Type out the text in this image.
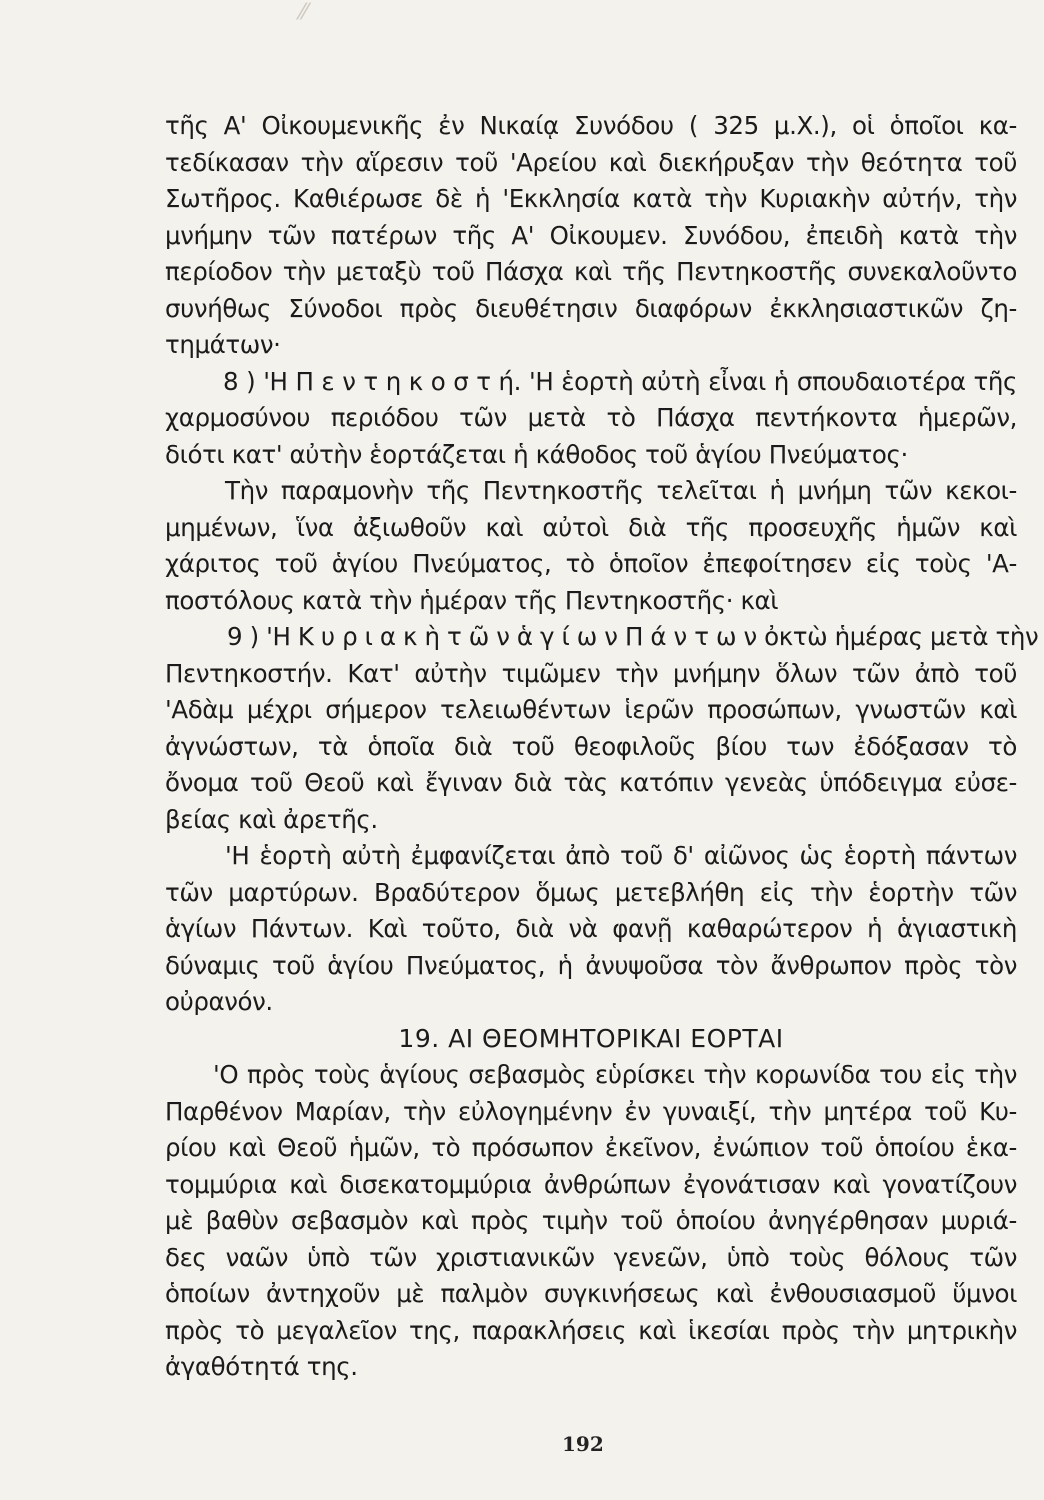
⁄⁄
τῆς Α' Οἰκουμενικῆς ἐν Νικαίᾳ Συνόδου ( 325 μ.Χ.), οἱ ὁποῖοι κα-
τεδίκασαν τὴν αἵρεσιν τοῦ 'Αρείου καὶ διεκήρυξαν τὴν θεότητα τοῦ
Σωτῆρος. Καθιέρωσε δὲ ἡ 'Εκκλησία κατὰ τὴν Κυριακὴν αὐτήν, τὴν
μνήμην τῶν πατέρων τῆς Α' Οἰκουμεν. Συνόδου, ἐπειδὴ κατὰ τὴν
περίοδον τὴν μεταξὺ τοῦ Πάσχα καὶ τῆς Πεντηκοστῆς συνεκαλοῦντο
συνήθως Σύνοδοι πρὸς διευθέτησιν διαφόρων ἐκκλησιαστικῶν ζη-
τημάτων·
8 ) 'Η Π ε ν τ η κ ο σ τ ή. 'Η ἑορτὴ αὐτὴ εἶναι ἡ σπουδαιοτέρα τῆς
χαρμοσύνου περιόδου τῶν μετὰ τὸ Πάσχα πεντήκοντα ἡμερῶν,
διότι κατ' αὐτὴν ἑορτάζεται ἡ κάθοδος τοῦ ἁγίου Πνεύματος·
Τὴν παραμονὴν τῆς Πεντηκοστῆς τελεῖται ἡ μνήμη τῶν κεκοι-
μημένων, ἵνα ἀξιωθοῦν καὶ αὐτοὶ διὰ τῆς προσευχῆς ἡμῶν καὶ
χάριτος τοῦ ἁγίου Πνεύματος, τὸ ὁποῖον ἐπεφοίτησεν εἰς τοὺς 'Α-
ποστόλους κατὰ τὴν ἡμέραν τῆς Πεντηκοστῆς· καὶ
9 ) 'Η Κ υ ρ ι α κ ὴ τ ῶ ν ἁ γ ί ω ν Π ά ν τ ω ν ὀκτὼ ἡμέρας μετὰ τὴν
Πεντηκοστήν. Κατ' αὐτὴν τιμῶμεν τὴν μνήμην ὅλων τῶν ἀπὸ τοῦ
'Αδὰμ μέχρι σήμερον τελειωθέντων ἱερῶν προσώπων, γνωστῶν καὶ
ἀγνώστων, τὰ ὁποῖα διὰ τοῦ θεοφιλοῦς βίου των ἐδόξασαν τὸ
ὄνομα τοῦ Θεοῦ καὶ ἔγιναν διὰ τὰς κατόπιν γενεὰς ὑπόδειγμα εὐσε-
βείας καὶ ἀρετῆς.
'Η ἑορτὴ αὐτὴ ἐμφανίζεται ἀπὸ τοῦ δ' αἰῶνος ὡς ἑορτὴ πάντων
τῶν μαρτύρων. Βραδύτερον ὅμως μετεβλήθη εἰς τὴν ἑορτὴν τῶν
ἁγίων Πάντων. Καὶ τοῦτο, διὰ νὰ φανῇ καθαρώτερον ἡ ἁγιαστικὴ
δύναμις τοῦ ἁγίου Πνεύματος, ἡ ἀνυψοῦσα τὸν ἄνθρωπον πρὸς τὸν
οὐρανόν.
19. ΑΙ ΘΕΟΜΗΤΟΡΙΚΑΙ ΕΟΡΤΑΙ
'Ο πρὸς τοὺς ἁγίους σεβασμὸς εὑρίσκει τὴν κορωνίδα του εἰς τὴν
Παρθένον Μαρίαν, τὴν εὐλογημένην ἐν γυναιξί, τὴν μητέρα τοῦ Κυ-
ρίου καὶ Θεοῦ ἡμῶν, τὸ πρόσωπον ἐκεῖνον, ἐνώπιον τοῦ ὁποίου ἑκα-
τομμύρια καὶ δισεκατομμύρια ἀνθρώπων ἐγονάτισαν καὶ γονατίζουν
μὲ βαθὺν σεβασμὸν καὶ πρὸς τιμὴν τοῦ ὁποίου ἀνηγέρθησαν μυριά-
δες ναῶν ὑπὸ τῶν χριστιανικῶν γενεῶν, ὑπὸ τοὺς θόλους τῶν
ὁποίων ἀντηχοῦν μὲ παλμὸν συγκινήσεως καὶ ἐνθουσιασμοῦ ὕμνοι
πρὸς τὸ μεγαλεῖον της, παρακλήσεις καὶ ἱκεσίαι πρὸς τὴν μητρικὴν
ἀγαθότητά της.
192
